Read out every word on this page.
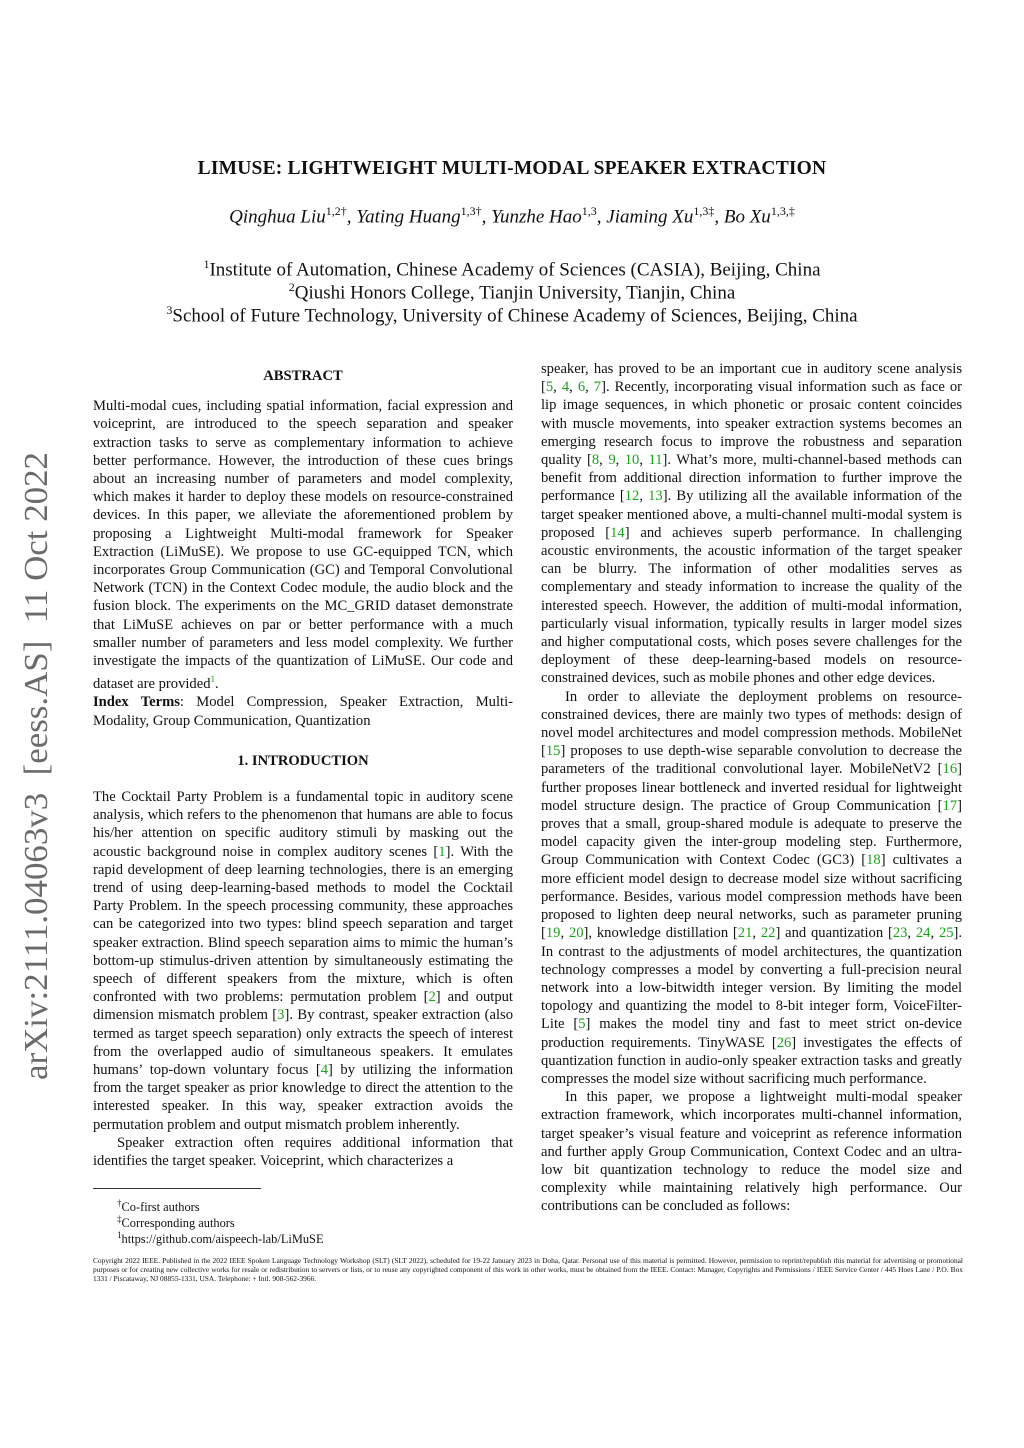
arXiv:2111.04063v3  [eess.AS]  11 Oct 2022
LIMUSE: LIGHTWEIGHT MULTI-MODAL SPEAKER EXTRACTION
Qinghua Liu$^{1,2\dagger}$, Yating Huang$^{1,3\dagger}$, Yunzhe Hao$^{1,3}$, Jiaming $Xu^{1,3\ddagger}$, Bo $Xu^{1,3,\ddagger}$
$^1$Institute of Automation, Chinese Academy of Sciences (CASIA), Beijing, China
$^2$Qiushi Honors College, Tianjin University, Tianjin, China
$^3$School of Future Technology, University of Chinese Academy of Sciences, Beijing, China

ABSTRACT

Multi-modal cues, including spatial information, facial expression and voiceprint, are introduced to the speech separation and speaker extraction tasks to serve as complementary information to achieve better performance. However, the introduction of these cues brings about an increasing number of parameters and model complexity, which makes it harder to deploy these models on resource-constrained devices. In this paper, we alleviate the aforementioned problem by proposing a Lightweight Multi-modal framework for Speaker Extraction (LiMuSE). We propose to use GC-equipped TCN, which incorporates Group Communication (GC) and Temporal Convolutional Network (TCN) in the Context Codec module, the audio block and the fusion block. The experiments on the MC_GRID dataset demonstrate that LiMuSE achieves on par or better performance with a much smaller number of parameters and less model complexity. We further investigate the impacts of the quantization of LiMuSE. Our code and dataset are provided$^1$.

Index Terms: Model Compression, Speaker Extraction, Multi-Modality, Group Communication, Quantization

1. INTRODUCTION

The Cocktail Party Problem is a fundamental topic in auditory scene analysis, which refers to the phenomenon that humans are able to focus his/her attention on specific auditory stimuli by masking out the acoustic background noise in complex auditory scenes [1]. With the rapid development of deep learning technologies, there is an emerging trend of using deep-learning-based methods to model the Cocktail Party Problem. In the speech processing community, these approaches can be categorized into two types: blind speech separation and target speaker extraction. Blind speech separation aims to mimic the human’s bottom-up stimulus-driven attention by simultaneously estimating the speech of different speakers from the mixture, which is often confronted with two problems: permutation problem [2] and output dimension mismatch problem [3]. By contrast, speaker extraction (also termed as target speech separation) only extracts the speech of interest from the overlapped audio of simultaneous speakers. It emulates humans’ top-down voluntary focus [4] by utilizing the information from the target speaker as prior knowledge to direct the attention to the interested speaker. In this way, speaker extraction avoids the permutation problem and output mismatch problem inherently.

Speaker extraction often requires additional information that identifies the target speaker. Voiceprint, which characterizes a

†Co-first authors
‡Corresponding authors
$^1$https://github.com/aispeech-lab/LiMuSE

speaker, has proved to be an important cue in auditory scene analysis [5, 4, 6, 7]. Recently, incorporating visual information such as face or lip image sequences, in which phonetic or prosaic content coincides with muscle movements, into speaker extraction systems becomes an emerging research focus to improve the robustness and separation quality [8, 9, 10, 11]. What’s more, multi-channel-based methods can benefit from additional direction information to further improve the performance [12, 13]. By utilizing all the available information of the target speaker mentioned above, a multi-channel multi-modal system is proposed [14] and achieves superb performance. In challenging acoustic environments, the acoustic information of the target speaker can be blurry. The information of other modalities serves as complementary and steady information to increase the quality of the interested speech. However, the addition of multi-modal information, particularly visual information, typically results in larger model sizes and higher computational costs, which poses severe challenges for the deployment of these deep-learning-based models on resource-constrained devices, such as mobile phones and other edge devices.

In order to alleviate the deployment problems on resource-constrained devices, there are mainly two types of methods: design of novel model architectures and model compression methods. MobileNet [15] proposes to use depth-wise separable convolution to decrease the parameters of the traditional convolutional layer. MobileNetV2 [16] further proposes linear bottleneck and inverted residual for lightweight model structure design. The practice of Group Communication [17] proves that a small, group-shared module is adequate to preserve the model capacity given the inter-group modeling step. Furthermore, Group Communication with Context Codec (GC3) [18] cultivates a more efficient model design to decrease model size without sacrificing performance. Besides, various model compression methods have been proposed to lighten deep neural networks, such as parameter pruning [19, 20], knowledge distillation [21, 22] and quantization [23, 24, 25]. In contrast to the adjustments of model architectures, the quantization technology compresses a model by converting a full-precision neural network into a low-bitwidth integer version. By limiting the model topology and quantizing the model to 8-bit integer form, VoiceFilter-Lite [5] makes the model tiny and fast to meet strict on-device production requirements. TinyWASE [26] investigates the effects of quantization function in audio-only speaker extraction tasks and greatly compresses the model size without sacrificing much performance.

In this paper, we propose a lightweight multi-modal speaker extraction framework, which incorporates multi-channel information, target speaker’s visual feature and voiceprint as reference information and further apply Group Communication, Context Codec and an ultra-low bit quantization technology to reduce the model size and complexity while maintaining relatively high performance. Our contributions can be concluded as follows:

Copyright 2022 IEEE. Published in the 2022 IEEE Spoken Language Technology Workshop (SLT) (SLT 2022), scheduled for 19-22 January 2023 in Doha, Qatar. Personal use of this material is permitted. However, permission to reprint/republish this material for advertising or promotional purposes or for creating new collective works for resale or redistribution to servers or lists, or to reuse any copyrighted component of this work in other works, must be obtained from the IEEE. Contact: Manager, Copyrights and Permissions / IEEE Service Center / 445 Hoes Lane / P.O. Box 1331 / Piscataway, NJ 08855-1331, USA. Telephone: + Intl. 908-562-3966.
